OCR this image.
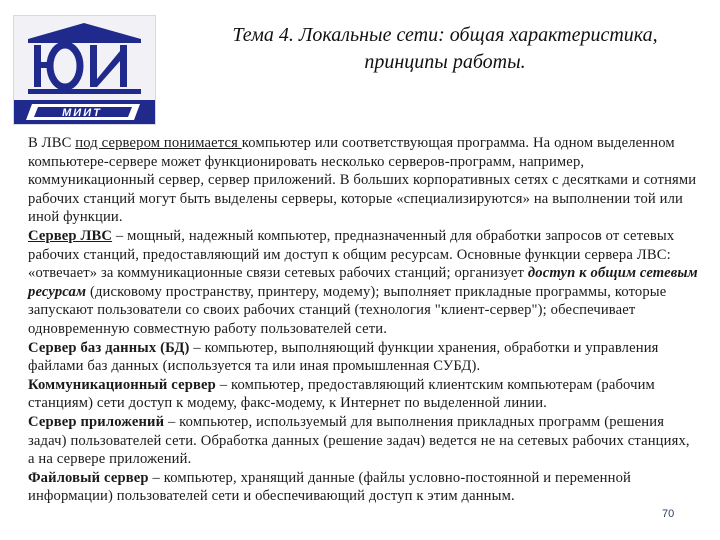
МИИТ
Тема 4. Локальные сети: общая характеристика,
принципы работы.

В ЛВС под сервером понимается компьютер или соответствующая программа. На одном выделенном компьютере-сервере может функционировать несколько серверов-программ, например, коммуникационный сервер, сервер приложений. В больших корпоративных сетях с десятками и сотнями рабочих станций могут быть выделены серверы, которые «специализируются» на выполнении той или иной функции.

Сервер ЛВС – мощный, надежный компьютер, предназначенный для обработки запросов от сетевых рабочих станций, предоставляющий им доступ к общим ресурсам. Основные функции сервера ЛВС: «отвечает» за коммуникационные связи сетевых рабочих станций; организует доступ к общим сетевым ресурсам (дисковому пространству, принтеру, модему); выполняет прикладные программы, которые запускают пользователи со своих рабочих станций (технология "клиент-сервер"); обеспечивает одновременную совместную работу пользователей сети.

Сервер баз данных (БД) – компьютер, выполняющий функции хранения, обработки и управления файлами баз данных (используется та или иная промышленная СУБД).

Коммуникационный сервер – компьютер, предоставляющий клиентским компьютерам (рабочим станциям) сети доступ к модему, факс-модему, к Интернет по выделенной линии.

Сервер приложений – компьютер, используемый для выполнения прикладных программ (решения задач) пользователей сети. Обработка данных (решение задач) ведется не на сетевых рабочих станциях, а на сервере приложений.

Файловый сервер – компьютер, хранящий данные (файлы условно-постоянной и переменной информации) пользователей сети и обеспечивающий доступ к этим данным.

70
